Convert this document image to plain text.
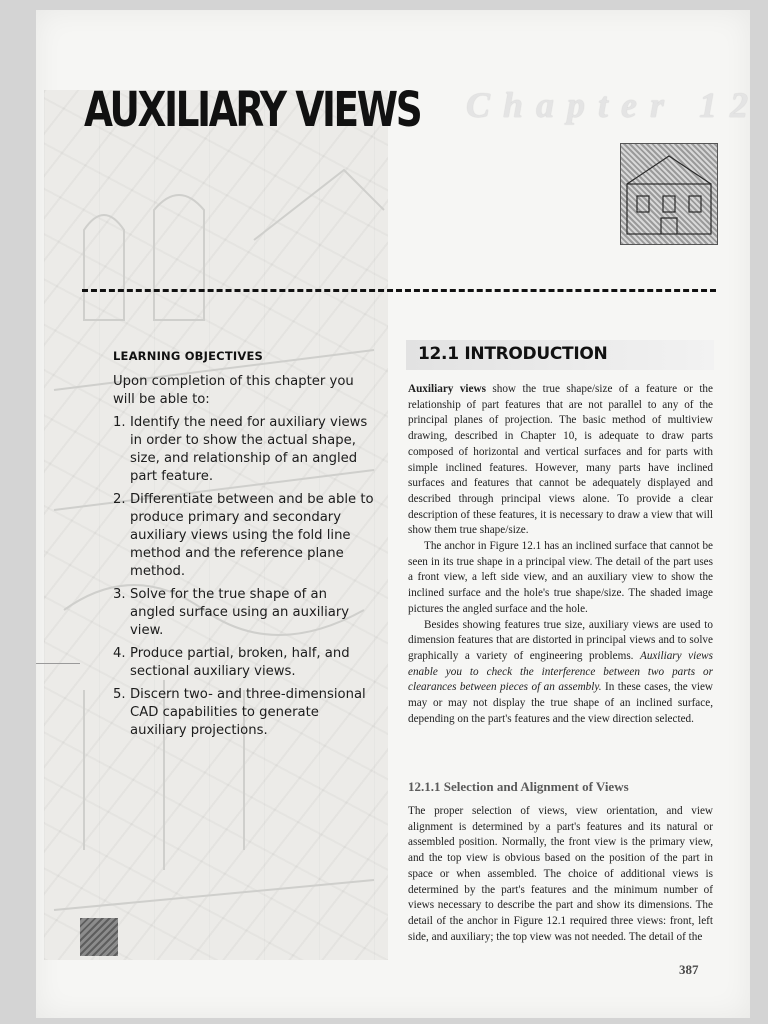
AUXILIARY VIEWS Chapter 12
LEARNING OBJECTIVES

Upon completion of this chapter you will be able to:

1. Identify the need for auxiliary views in order to show the actual shape, size, and relationship of an angled part feature.
2. Differentiate between and be able to produce primary and secondary auxiliary views using the fold line method and the reference plane method.
3. Solve for the true shape of an angled surface using an auxiliary view.
4. Produce partial, broken, half, and sectional auxiliary views.
5. Discern two- and three-dimensional CAD capabilities to generate auxiliary projections.
12.1 INTRODUCTION

Auxiliary views show the true shape/size of a feature or the relationship of part features that are not parallel to any of the principal planes of projection. The basic method of multiview drawing, described in Chapter 10, is adequate to draw parts composed of horizontal and vertical surfaces and for parts with simple inclined features. However, many parts have inclined surfaces and features that cannot be adequately displayed and described through principal views alone. To provide a clear description of these features, it is necessary to draw a view that will show them true shape/size.

The anchor in Figure 12.1 has an inclined surface that cannot be seen in its true shape in a principal view. The detail of the part uses a front view, a left side view, and an auxiliary view to show the inclined surface and the hole's true shape/size. The shaded image pictures the angled surface and the hole.

Besides showing features true size, auxiliary views are used to dimension features that are distorted in principal views and to solve graphically a variety of engineering problems. Auxiliary views enable you to check the interference between two parts or clearances between pieces of an assembly. In these cases, the view may or may not display the true shape of an inclined surface, depending on the part's features and the view direction selected.

12.1.1 Selection and Alignment of Views

The proper selection of views, view orientation, and view alignment is determined by a part's features and its natural or assembled position. Normally, the front view is the primary view, and the top view is obvious based on the position of the part in space or when assembled. The choice of additional views is determined by the part's features and the minimum number of views necessary to describe the part and show its dimensions. The detail of the anchor in Figure 12.1 required three views: front, left side, and auxiliary; the top view was not needed. The detail of the

387
